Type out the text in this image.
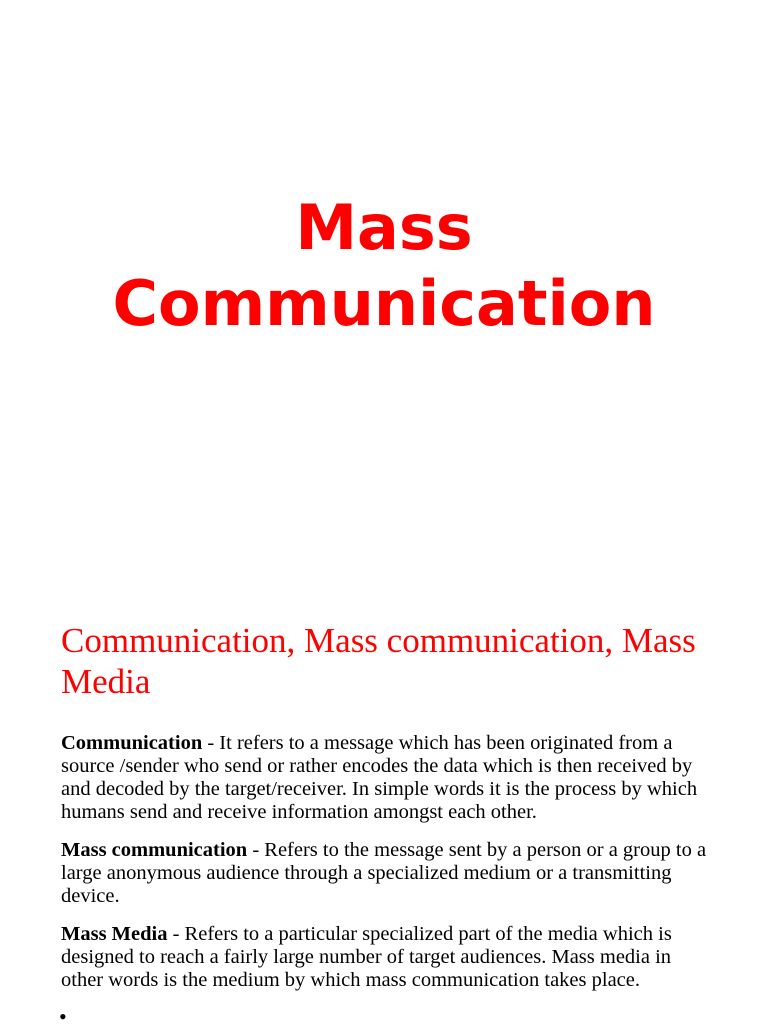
Mass
Communication
Communication, Mass communication, Mass Media

Communication - It refers to a message which has been originated from a source /sender who send or rather encodes the data which is then received by and decoded by the target/receiver. In simple words it is the process by which humans send and receive information amongst each other.

Mass communication - Refers to the message sent by a person or a group to a large anonymous audience through a specialized medium or a transmitting device.

Mass Media - Refers to a particular specialized part of the media which is designed to reach a fairly large number of target audiences. Mass media in other words is the medium by which mass communication takes place.

•
